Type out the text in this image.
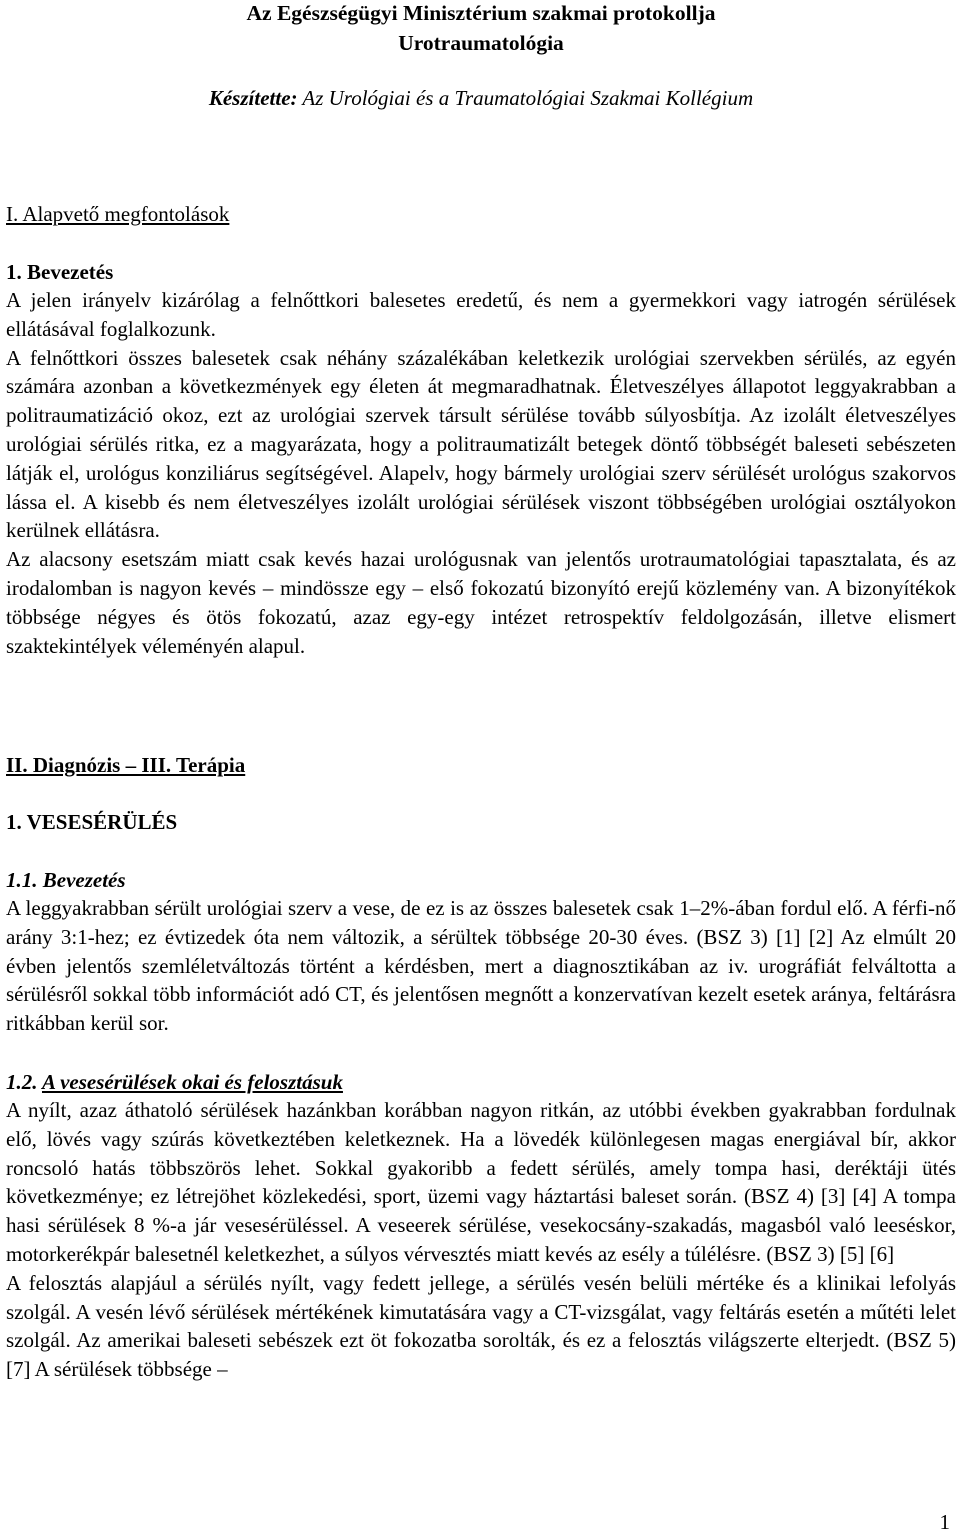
Az Egészségügyi Minisztérium szakmai protokollja

Urotraumatológia

Készítette: Az Urológiai és a Traumatológiai Szakmai Kollégium

I. Alapvető megfontolások

1. Bevezetés

A jelen irányelv kizárólag a felnőttkori balesetes eredetű, és nem a gyermekkori vagy iatrogén sérülések ellátásával foglalkozunk.

A felnőttkori összes balesetek csak néhány százalékában keletkezik urológiai szervekben sérülés, az egyén számára azonban a következmények egy életen át megmaradhatnak. Életveszélyes állapotot leggyakrabban a politraumatizáció okoz, ezt az urológiai szervek társult sérülése tovább súlyosbítja. Az izolált életveszélyes urológiai sérülés ritka, ez a magyarázata, hogy a politraumatizált betegek döntő többségét baleseti sebészeten látják el, urológus konziliárus segítségével. Alapelv, hogy bármely urológiai szerv sérülését urológus szakorvos lássa el. A kisebb és nem életveszélyes izolált urológiai sérülések viszont többségében urológiai osztályokon kerülnek ellátásra.

Az alacsony esetszám miatt csak kevés hazai urológusnak van jelentős urotraumatológiai tapasztalata, és az irodalomban is nagyon kevés – mindössze egy – első fokozatú bizonyító erejű közlemény van. A bizonyítékok többsége négyes és ötös fokozatú, azaz egy-egy intézet retrospektív feldolgozásán, illetve elismert szaktekintélyek véleményén alapul.

II. Diagnózis – III. Terápia

1. VESESÉRÜLÉS

1.1. Bevezetés

A leggyakrabban sérült urológiai szerv a vese, de ez is az összes balesetek csak 1–2%-ában fordul elő. A férfi-nő arány 3:1-hez; ez évtizedek óta nem változik, a sérültek többsége 20-30 éves. (BSZ 3) [1] [2] Az elmúlt 20 évben jelentős szemléletváltozás történt a kérdésben, mert a diagnosztikában az iv. urográfiát felváltotta a sérülésről sokkal több információt adó CT, és jelentősen megnőtt a konzervatívan kezelt esetek aránya, feltárásra ritkábban kerül sor.

1.2. A vesesérülések okai és felosztásuk

A nyílt, azaz áthatoló sérülések hazánkban korábban nagyon ritkán, az utóbbi években gyakrabban fordulnak elő, lövés vagy szúrás következtében keletkeznek. Ha a lövedék különlegesen magas energiával bír, akkor roncsoló hatás többszörös lehet. Sokkal gyakoribb a fedett sérülés, amely tompa hasi, deréktáji ütés következménye; ez létrejöhet közlekedési, sport, üzemi vagy háztartási baleset során. (BSZ 4) [3] [4] A tompa hasi sérülések 8 %-a jár vesesérüléssel. A veseerek sérülése, vesekocsány-szakadás, magasból való leeséskor, motorkerékpár balesetnél keletkezhet, a súlyos vérvesztés miatt kevés az esély a túlélésre. (BSZ 3) [5] [6]

A felosztás alapjául a sérülés nyílt, vagy fedett jellege, a sérülés vesén belüli mértéke és a klinikai lefolyás szolgál. A vesén lévő sérülések mértékének kimutatására vagy a CT-vizsgálat, vagy feltárás esetén a műtéti lelet szolgál. Az amerikai baleseti sebészek ezt öt fokozatba sorolták, és ez a felosztás világszerte elterjedt. (BSZ 5) [7] A sérülések többsége –

1
